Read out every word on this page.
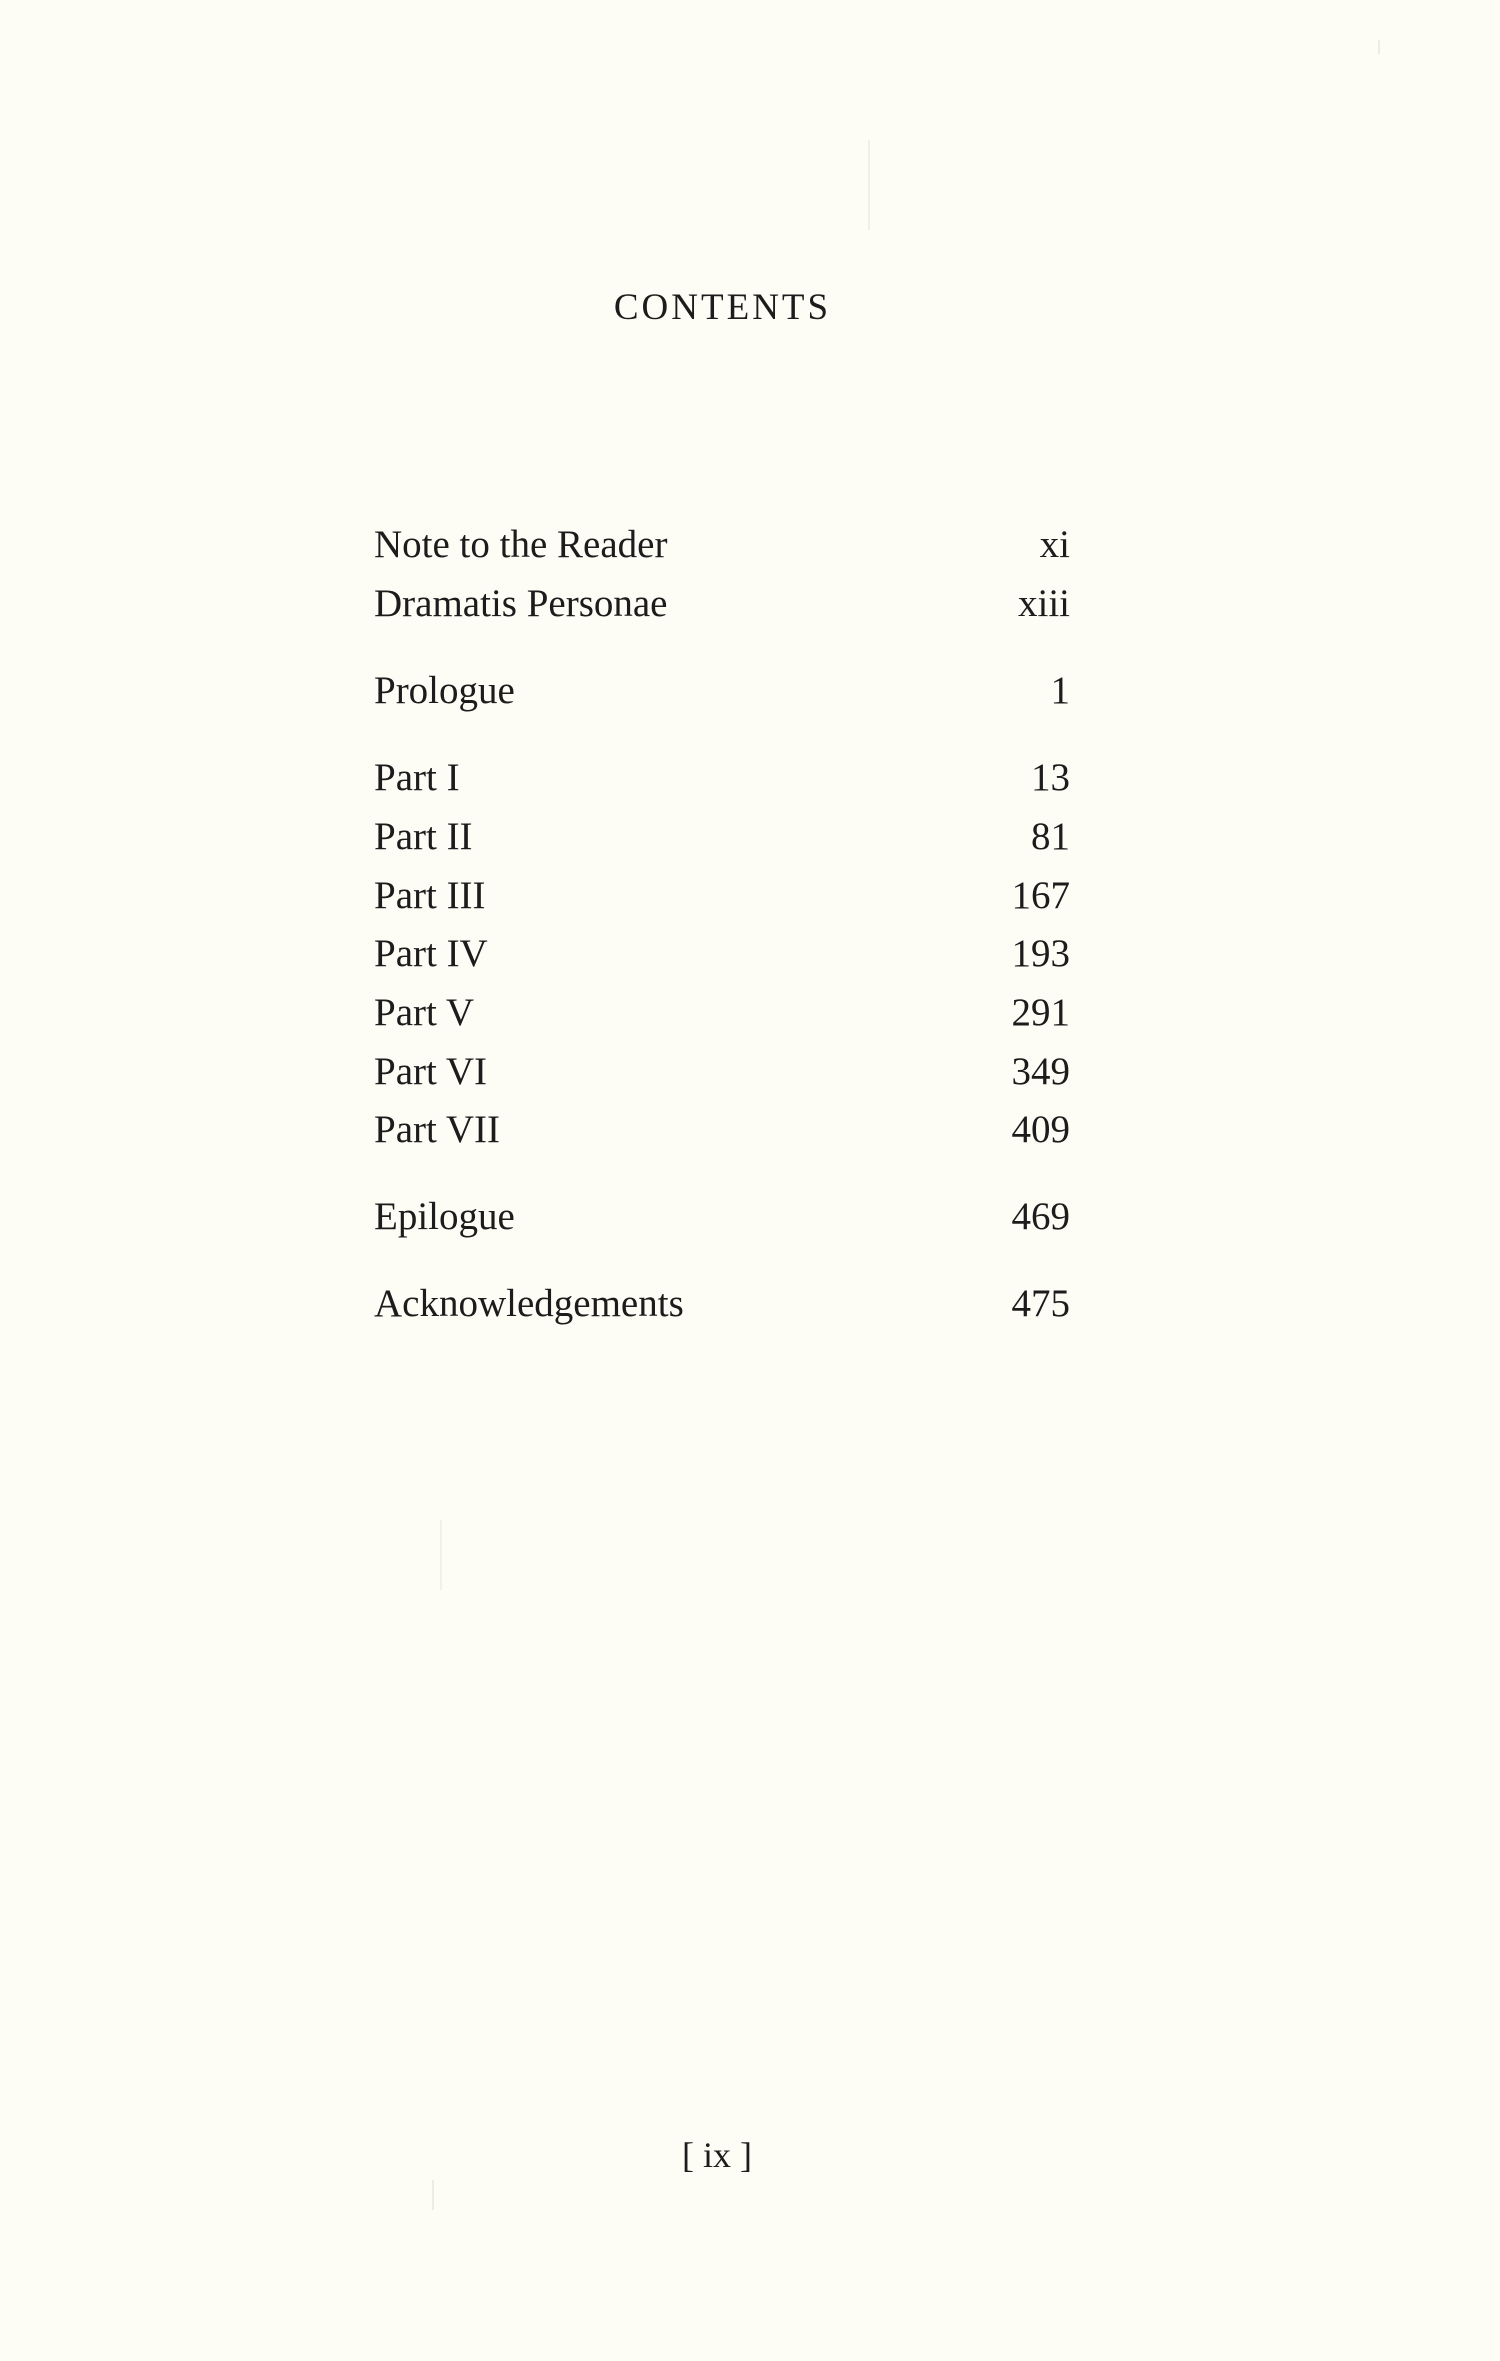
CONTENTS
Note to the Reader	xi
Dramatis Personae	xiii
Prologue	1
Part I	13
Part II	81
Part III	167
Part IV	193
Part V	291
Part VI	349
Part VII	409
Epilogue	469
Acknowledgements	475
[ ix ]
